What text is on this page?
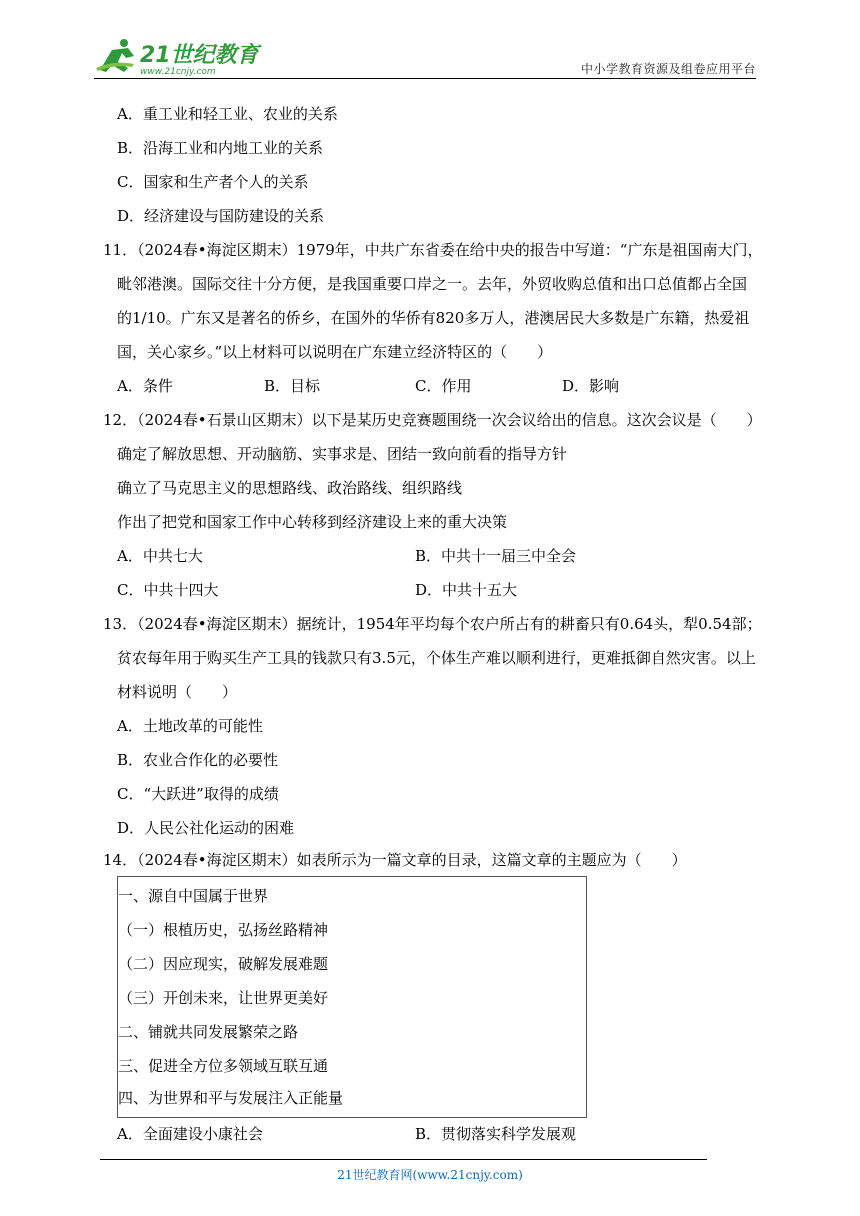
21世纪教育
www.21cnjy.com	中小学教育资源及组卷应用平台
A．重工业和轻工业、农业的关系
B．沿海工业和内地工业的关系
C．国家和生产者个人的关系
D．经济建设与国防建设的关系
11．（2024春•海淀区期末）1979年，中共广东省委在给中央的报告中写道：“广东是祖国南大门，
毗邻港澳。国际交往十分方便，是我国重要口岸之一。去年，外贸收购总值和出口总值都占全国
的1/10。广东又是著名的侨乡，在国外的华侨有820多万人，港澳居民大多数是广东籍，热爱祖
国，关心家乡。”以上材料可以说明在广东建立经济特区的（　　）
A．条件	B．目标	C．作用	D．影响
12．（2024春•石景山区期末）以下是某历史竞赛题围绕一次会议给出的信息。这次会议是（　　）
确定了解放思想、开动脑筋、实事求是、团结一致向前看的指导方针
确立了马克思主义的思想路线、政治路线、组织路线
作出了把党和国家工作中心转移到经济建设上来的重大决策
A．中共七大	B．中共十一届三中全会
C．中共十四大	D．中共十五大
13．（2024春•海淀区期末）据统计，1954年平均每个农户所占有的耕畜只有0.64头，犁0.54部；
贫农每年用于购买生产工具的钱款只有3.5元，个体生产难以顺利进行，更难抵御自然灾害。以上
材料说明（　　）
A．土地改革的可能性
B．农业合作化的必要性
C．“大跃进”取得的成绩
D．人民公社化运动的困难
14．（2024春•海淀区期末）如表所示为一篇文章的目录，这篇文章的主题应为（　　）
一、源自中国属于世界
（一）根植历史，弘扬丝路精神
（二）因应现实，破解发展难题
（三）开创未来，让世界更美好
二、铺就共同发展繁荣之路
三、促进全方位多领域互联互通
四、为世界和平与发展注入正能量
A．全面建设小康社会	B．贯彻落实科学发展观
21世纪教育网(www.21cnjy.com)
